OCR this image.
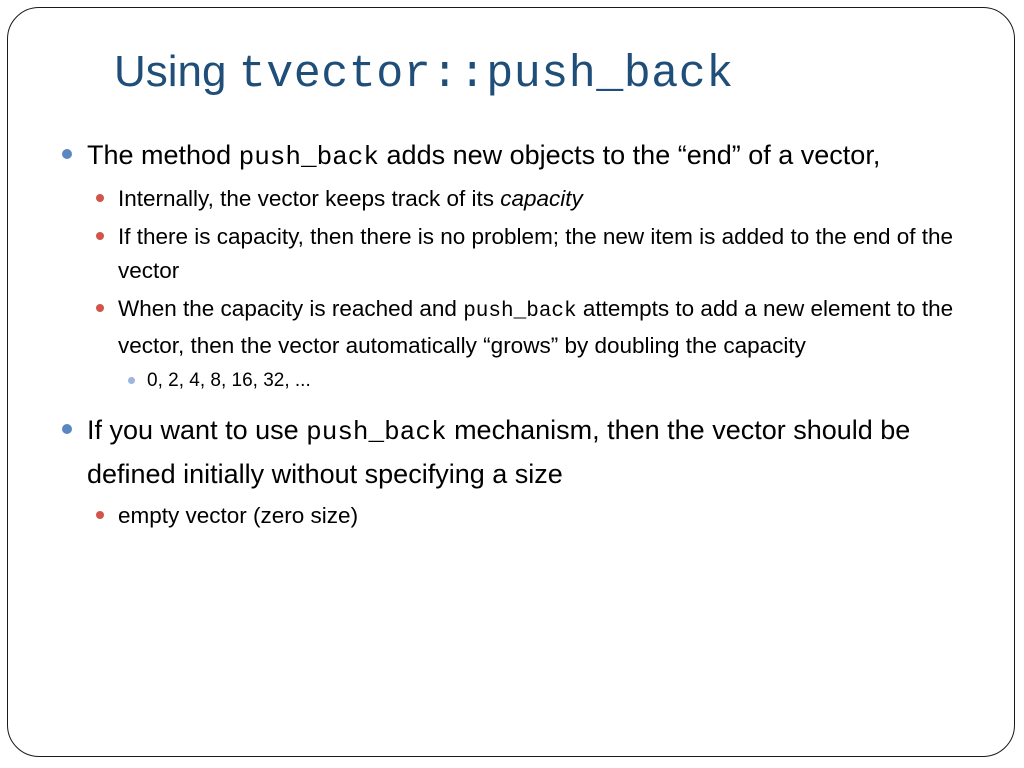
Using tvector::push_back
The method push_back adds new objects to the “end” of a vector,
Internally, the vector keeps track of its capacity
If there is capacity, then there is no problem; the new item is added to the end of the vector
When the capacity is reached and push_back attempts to add a new element to the vector, then the vector automatically “grows” by doubling the capacity
0, 2, 4, 8, 16, 32, ...
If you want to use push_back mechanism, then the vector should be defined initially without specifying a size
empty vector (zero size)
